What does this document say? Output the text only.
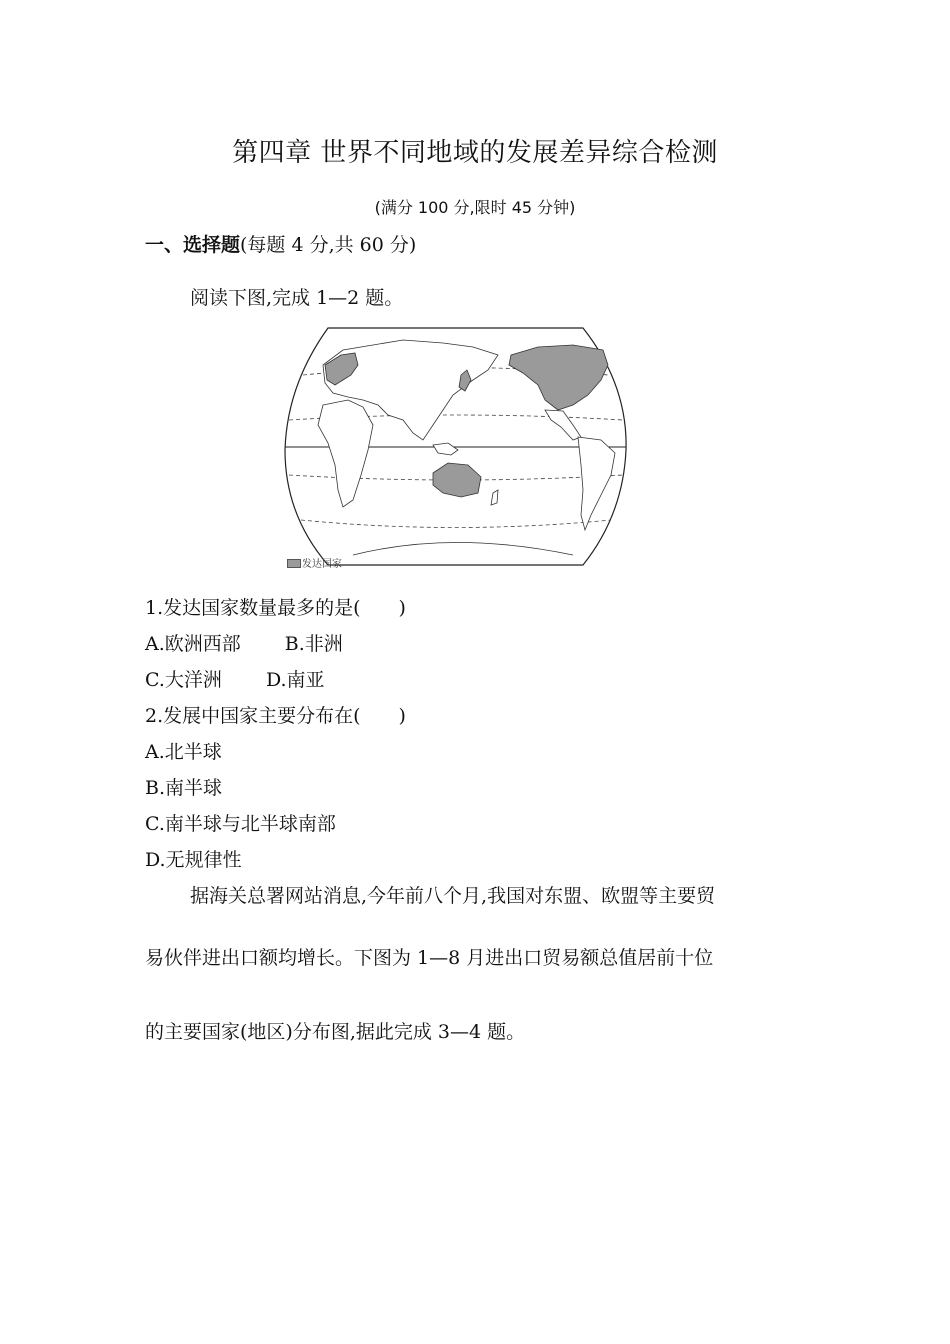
第四章 世界不同地域的发展差异综合检测
(满分 100 分,限时 45 分钟)
一、选择题(每题 4 分,共 60 分)
阅读下图,完成 1—2 题。
发达国家
1.发达国家数量最多的是(　　)
A.欧洲西部　　 B.非洲
C.大洋洲　　 D.南亚
2.发展中国家主要分布在(　　)
A.北半球
B.南半球
C.南半球与北半球南部
D.无规律性
据海关总署网站消息,今年前八个月,我国对东盟、欧盟等主要贸
易伙伴进出口额均增长。下图为 1—8 月进出口贸易额总值居前十位
的主要国家(地区)分布图,据此完成 3—4 题。
